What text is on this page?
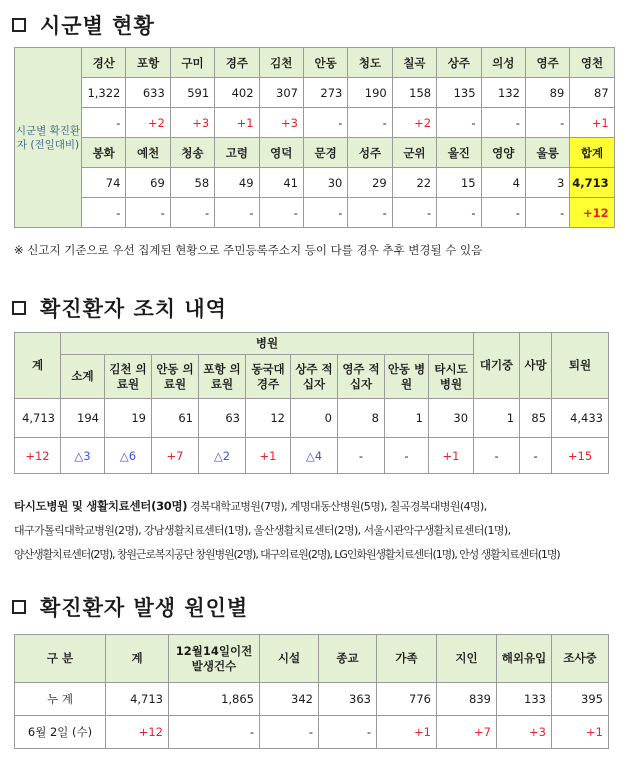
시군별 현황
시군별 확진환자 (전일대비)	경산	포항	구미	경주	김천	안동	청도	칠곡	상주	의성	영주	영천
	1,322	633	591	402	307	273	190	158	135	132	89	87
	-	+2	+3	+1	+3	-	-	+2	-	-	-	+1
	봉화	예천	청송	고령	영덕	문경	성주	군위	울진	영양	울릉	합계
	74	69	58	49	41	30	29	22	15	4	3	4,713
	-	-	-	-	-	-	-	-	-	-	-	+12
※ 신고지 기준으로 우선 집계된 현황으로 주민등록주소지 등이 다를 경우 추후 변경될 수 있음
확진환자 조치 내역
계	병원									대기중	사망	퇴원
	소계	김천 의료원	안동 의료원	포항 의료원	동국대 경주	상주 적십자	영주 적십자	안동 병원	타시도 병원			
4,713	194	19	61	63	12	0	8	1	30	1	85	4,433
+12	△3	△6	+7	△2	+1	△4	-	-	+1	-	-	+15
타시도병원 및 생활치료센터(30명) 경북대학교병원(7명), 계명대동산병원(5명), 칠곡경북대병원(4명),
대구가톨릭대학교병원(2명), 강남생활치료센터(1명), 울산생활치료센터(2명), 서울시관악구생활치료센터(1명),
양산생활치료센터(2명), 창원근로복지공단 창원병원(2명), 대구의료원(2명), LG인화원생활치료센터(1명), 안성 생활치료센터(1명)
확진환자 발생 원인별
구 분	계	12월14일이전 발생건수	시설	종교	가족	지인	해외유입	조사중
누 계	4,713	1,865	342	363	776	839	133	395
6월 2일 (수)	+12	-	-	-	+1	+7	+3	+1
